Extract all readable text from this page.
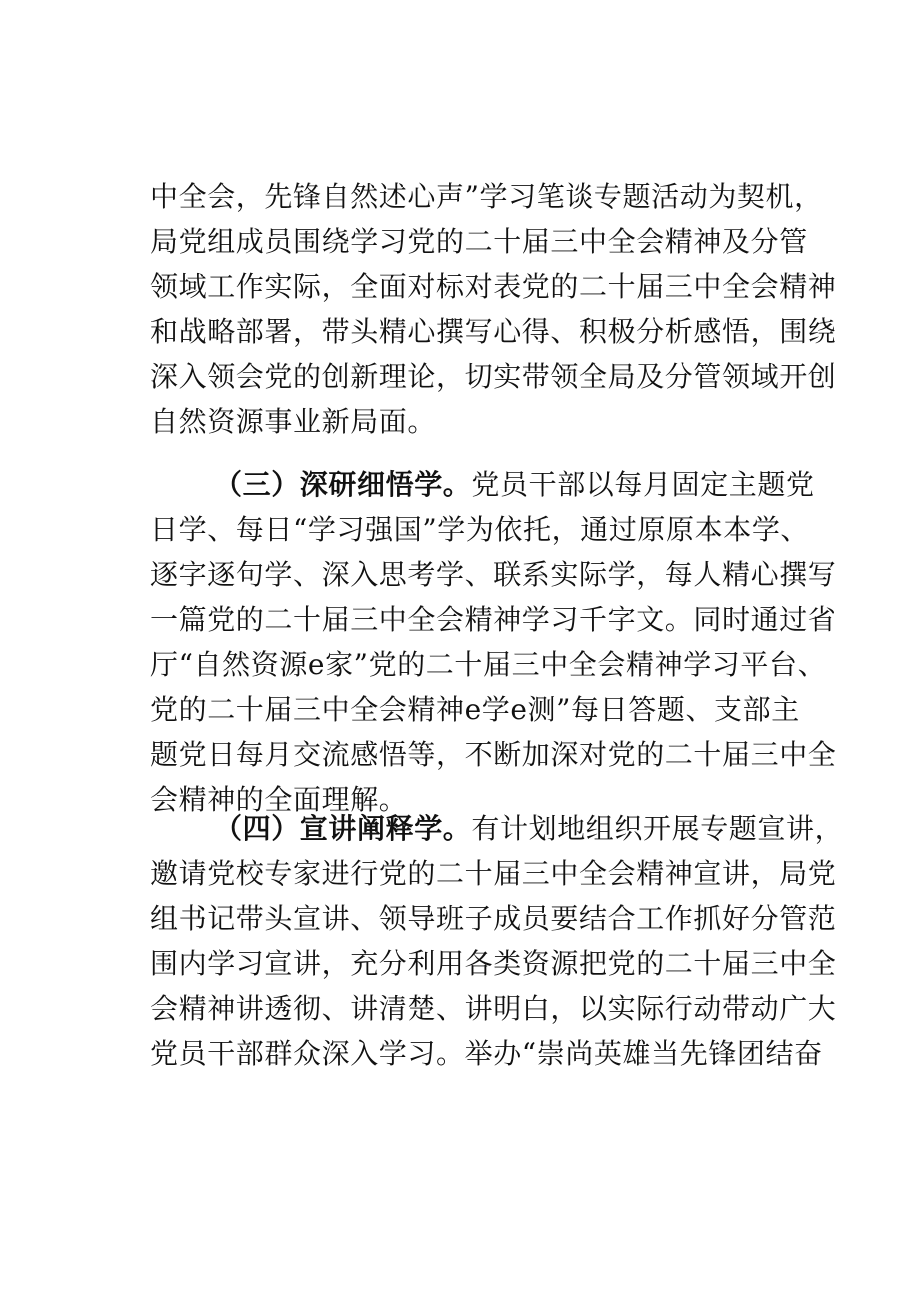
中全会，先锋自然述心声”学习笔谈专题活动为契机，
局党组成员围绕学习党的二十届三中全会精神及分管
领域工作实际，全面对标对表党的二十届三中全会精神
和战略部署，带头精心撰写心得、积极分析感悟，围绕
深入领会党的创新理论，切实带领全局及分管领域开创
自然资源事业新局面。
（三）深研细悟学。党员干部以每月固定主题党
日学、每日“学习强国”学为依托，通过原原本本学、
逐字逐句学、深入思考学、联系实际学，每人精心撰写
一篇党的二十届三中全会精神学习千字文。同时通过省
厅“自然资源e家”党的二十届三中全会精神学习平台、
党的二十届三中全会精神e学e测”每日答题、支部主
题党日每月交流感悟等，不断加深对党的二十届三中全
会精神的全面理解。
（四）宣讲阐释学。有计划地组织开展专题宣讲，
邀请党校专家进行党的二十届三中全会精神宣讲，局党
组书记带头宣讲、领导班子成员要结合工作抓好分管范
围内学习宣讲，充分利用各类资源把党的二十届三中全
会精神讲透彻、讲清楚、讲明白，以实际行动带动广大
党员干部群众深入学习。举办“崇尚英雄当先锋团结奋
